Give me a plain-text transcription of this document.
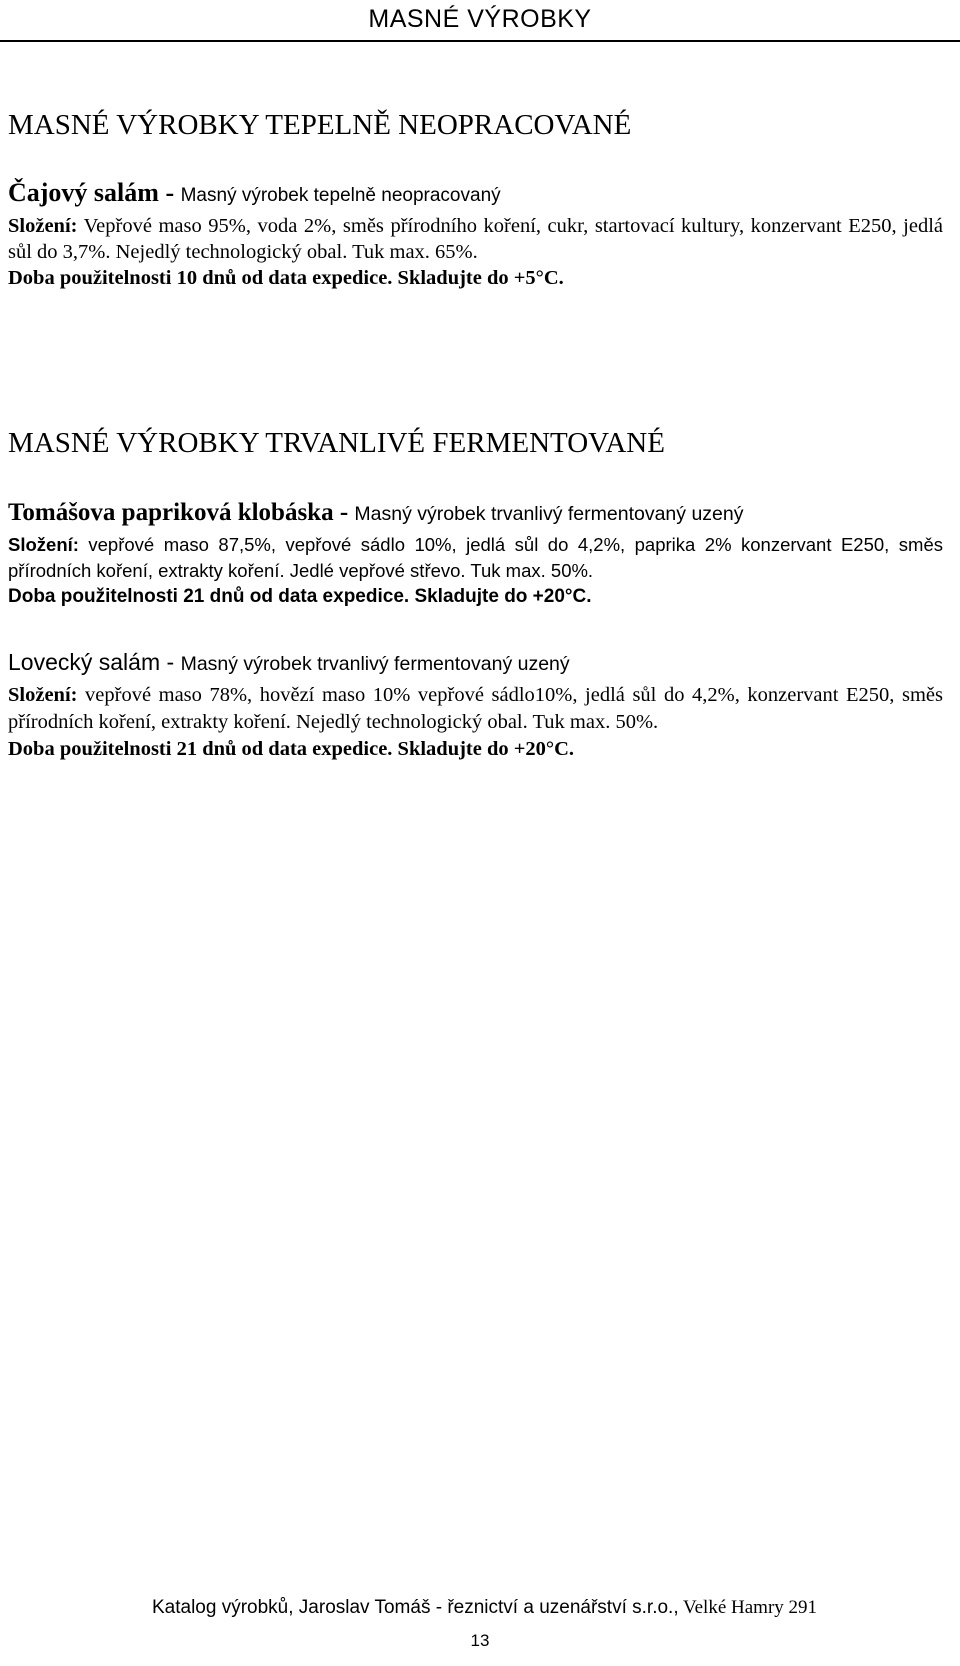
MASNÉ VÝROBKY
MASNÉ VÝROBKY TEPELNĚ NEOPRACOVANÉ

Čajový salám - Masný výrobek tepelně neopracovaný

Složení: Vepřové maso 95%, voda 2%, směs přírodního koření, cukr, startovací kultury, konzervant E250, jedlá sůl do 3,7%. Nejedlý technologický obal. Tuk max. 65%.

Doba použitelnosti 10 dnů od data expedice. Skladujte do +5°C.

MASNÉ VÝROBKY TRVANLIVÉ FERMENTOVANÉ

Tomášova papriková klobáska - Masný výrobek trvanlivý fermentovaný uzený

Složení: vepřové maso 87,5%, vepřové sádlo 10%, jedlá sůl do 4,2%, paprika 2% konzervant E250, směs přírodních koření, extrakty koření. Jedlé vepřové střevo. Tuk max. 50%.

Doba použitelnosti 21 dnů od data expedice. Skladujte do +20°C.

Lovecký salám - Masný výrobek trvanlivý fermentovaný uzený

Složení: vepřové maso 78%, hovězí maso 10% vepřové sádlo10%, jedlá sůl do 4,2%, konzervant E250, směs přírodních koření, extrakty koření. Nejedlý technologický obal. Tuk max. 50%.

Doba použitelnosti 21 dnů od data expedice. Skladujte do +20°C.

Katalog výrobků, Jaroslav Tomáš - řeznictví a uzenářství s.r.o., Velké Hamry 291
13
